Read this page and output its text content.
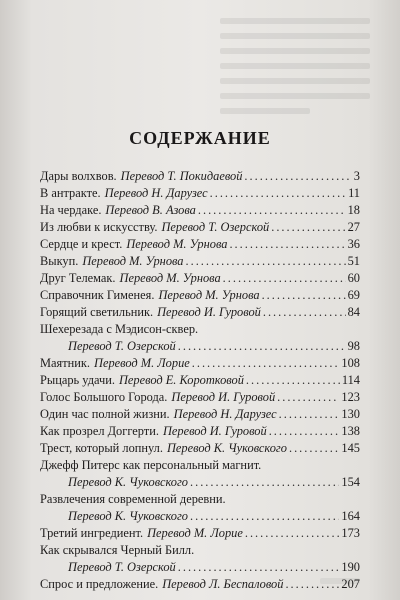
СОДЕРЖАНИЕ
Дары волхвов. Перевод Т. Покидаевой .....	3
В антракте. Перевод Н. Дарузес .....	11
На чердаке. Перевод В. Азова .....	18
Из любви к искусству. Перевод Т. Озерской .....	27
Сердце и крест. Перевод М. Урнова .....	36
Выкуп. Перевод М. Урнова .....	51
Друг Телемак. Перевод М. Урнова .....	60
Справочник Гименея. Перевод М. Урнова .....	69
Горящий светильник. Перевод И. Гуровой .....	84
Шехерезада с Мэдисон-сквер.
Перевод Т. Озерской .....	98
Маятник. Перевод М. Лорие .....	108
Рыцарь удачи. Перевод Е. Коротковой .....	114
Голос Большого Города. Перевод И. Гуровой .....	123
Один час полной жизни. Перевод Н. Дарузес .....	130
Как прозрел Доггерти. Перевод И. Гуровой .....	138
Трест, который лопнул. Перевод К. Чуковского .....	145
Джефф Питерс как персональный магнит.
Перевод К. Чуковского .....	154
Развлечения современной деревни.
Перевод К. Чуковского .....	164
Третий ингредиент. Перевод М. Лорие .....	173
Как скрывался Черный Билл.
Перевод Т. Озерской .....	190
Спрос и предложение. Перевод Л. Беспаловой .....	207
